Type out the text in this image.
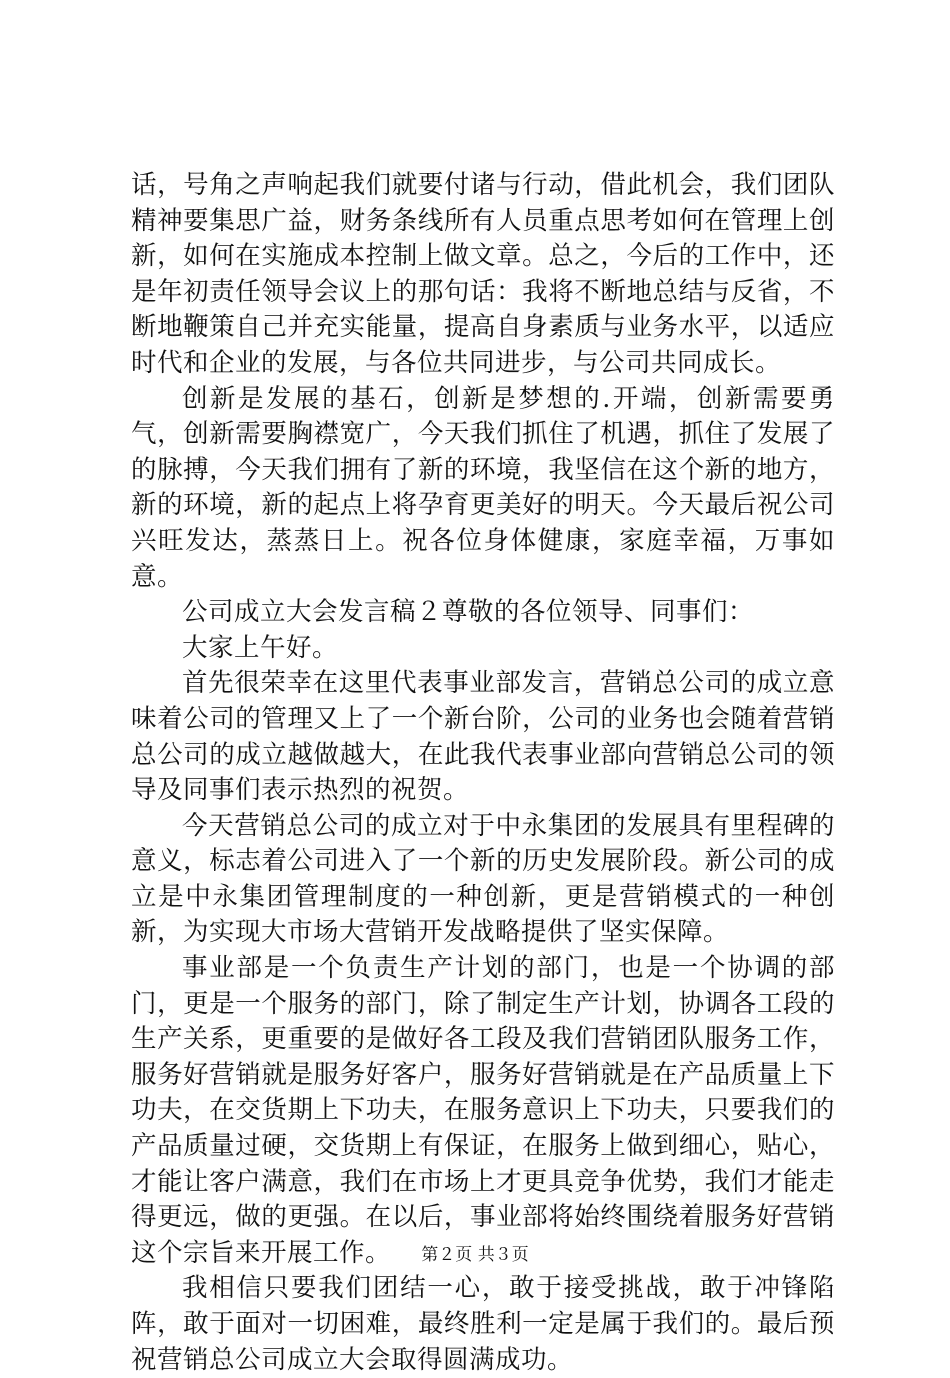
话，号角之声响起我们就要付诸与行动，借此机会，我们团队精神要集思广益，财务条线所有人员重点思考如何在管理上创新，如何在实施成本控制上做文章。总之，今后的工作中，还是年初责任领导会议上的那句话：我将不断地总结与反省，不断地鞭策自己并充实能量，提高自身素质与业务水平，以适应时代和企业的发展，与各位共同进步，与公司共同成长。

创新是发展的基石，创新是梦想的.开端，创新需要勇气，创新需要胸襟宽广，今天我们抓住了机遇，抓住了发展了的脉搏，今天我们拥有了新的环境，我坚信在这个新的地方，新的环境，新的起点上将孕育更美好的明天。今天最后祝公司兴旺发达，蒸蒸日上。祝各位身体健康，家庭幸福，万事如意。

公司成立大会发言稿２尊敬的各位领导、同事们：

大家上午好。

首先很荣幸在这里代表事业部发言，营销总公司的成立意味着公司的管理又上了一个新台阶，公司的业务也会随着营销总公司的成立越做越大，在此我代表事业部向营销总公司的领导及同事们表示热烈的祝贺。

今天营销总公司的成立对于中永集团的发展具有里程碑的意义，标志着公司进入了一个新的历史发展阶段。新公司的成立是中永集团管理制度的一种创新，更是营销模式的一种创新，为实现大市场大营销开发战略提供了坚实保障。

事业部是一个负责生产计划的部门，也是一个协调的部门，更是一个服务的部门，除了制定生产计划，协调各工段的生产关系，更重要的是做好各工段及我们营销团队服务工作，服务好营销就是服务好客户，服务好营销就是在产品质量上下功夫，在交货期上下功夫，在服务意识上下功夫，只要我们的产品质量过硬，交货期上有保证，在服务上做到细心，贴心，才能让客户满意，我们在市场上才更具竞争优势，我们才能走得更远，做的更强。在以后，事业部将始终围绕着服务好营销这个宗旨来开展工作。

我相信只要我们团结一心，敢于接受挑战，敢于冲锋陷阵，敢于面对一切困难，最终胜利一定是属于我们的。最后预祝营销总公司成立大会取得圆满成功。

第２页 共３页
